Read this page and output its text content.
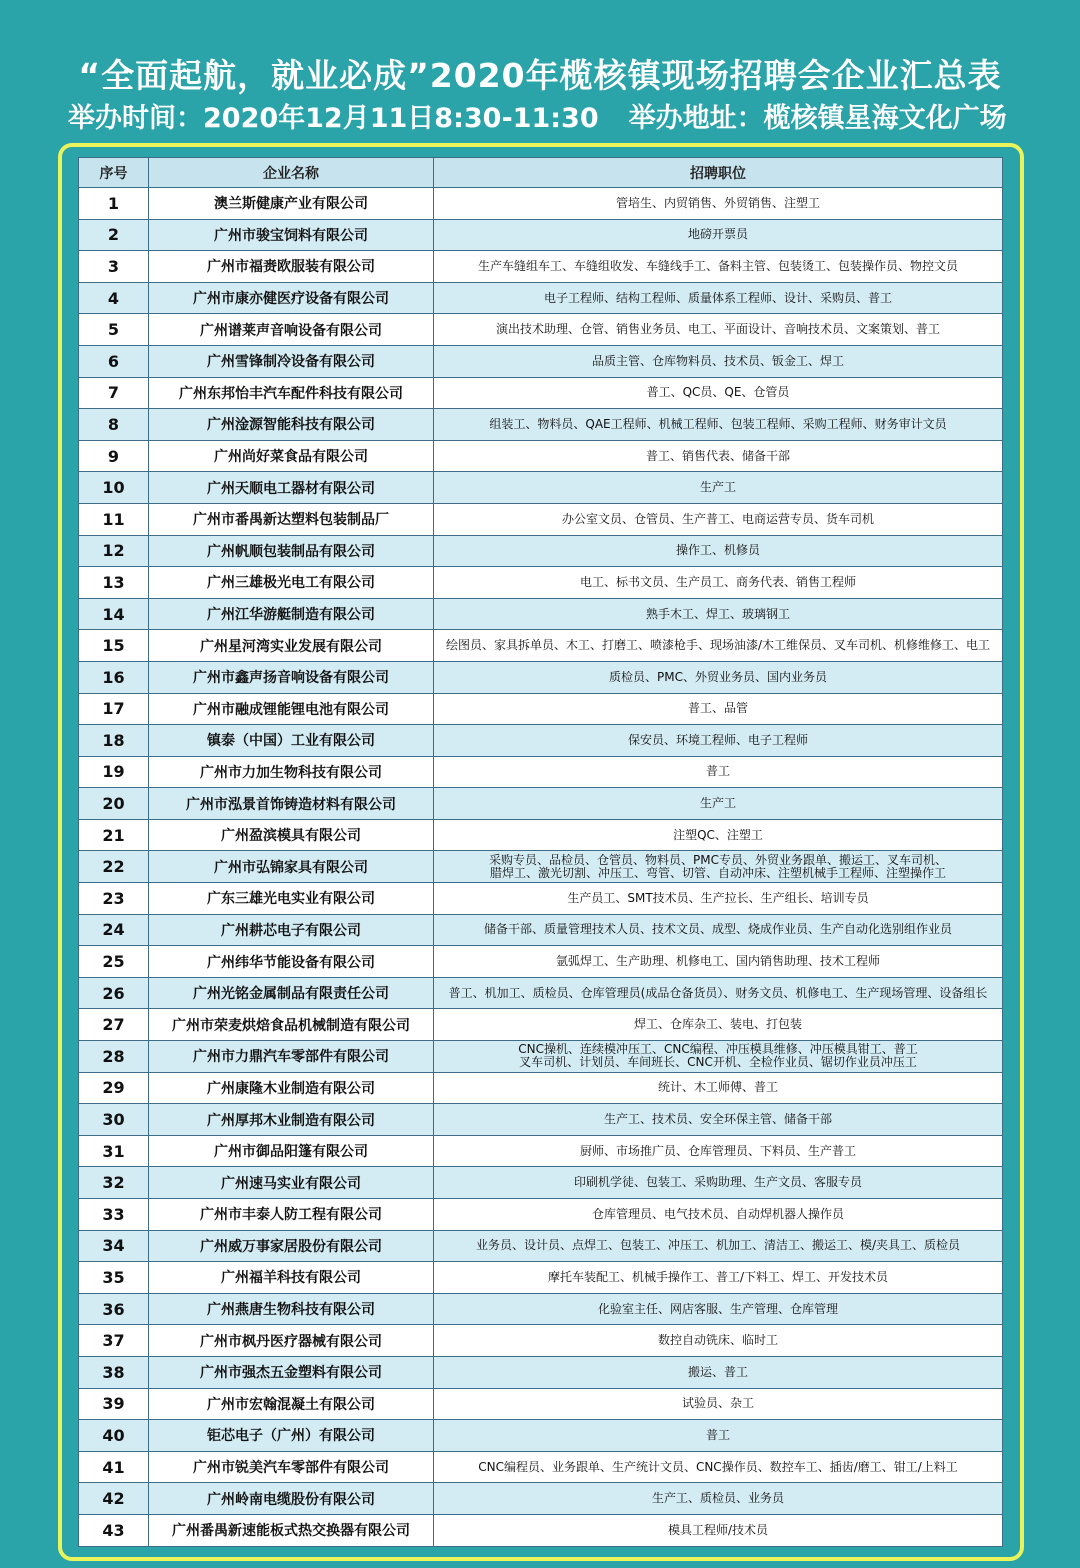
“全面起航，就业必成”2020年榄核镇现场招聘会企业汇总表
举办时间：2020年12月11日8:30-11:30 举办地址：榄核镇星海文化广场
序号	企业名称	招聘职位
1	澳兰斯健康产业有限公司	管培生、内贸销售、外贸销售、注塑工
2	广州市骏宝饲料有限公司	地磅开票员
3	广州市福赉欧服装有限公司	生产车缝组车工、车缝组收发、车缝线手工、备料主管、包装烫工、包装操作员、物控文员
4	广州市康亦健医疗设备有限公司	电子工程师、结构工程师、质量体系工程师、设计、采购员、普工
5	广州谱莱声音响设备有限公司	演出技术助理、仓管、销售业务员、电工、平面设计、音响技术员、文案策划、普工
6	广州雪锋制冷设备有限公司	品质主管、仓库物料员、技术员、钣金工、焊工
7	广州东邦怡丰汽车配件科技有限公司	普工、QC员、QE、仓管员
8	广州淦源智能科技有限公司	组装工、物料员、QAE工程师、机械工程师、包装工程师、采购工程师、财务审计文员
9	广州尚好菜食品有限公司	普工、销售代表、储备干部
10	广州天顺电工器材有限公司	生产工
11	广州市番禺新达塑料包装制品厂	办公室文员、仓管员、生产普工、电商运营专员、货车司机
12	广州帆顺包装制品有限公司	操作工、机修员
13	广州三雄极光电工有限公司	电工、标书文员、生产员工、商务代表、销售工程师
14	广州江华游艇制造有限公司	熟手木工、焊工、玻璃钢工
15	广州星河湾实业发展有限公司	绘图员、家具拆单员、木工、打磨工、喷漆枪手、现场油漆/木工维保员、叉车司机、机修维修工、电工
16	广州市鑫声扬音响设备有限公司	质检员、PMC、外贸业务员、国内业务员
17	广州市融成锂能锂电池有限公司	普工、品管
18	镇泰（中国）工业有限公司	保安员、环境工程师、电子工程师
19	广州市力加生物科技有限公司	普工
20	广州市泓景首饰铸造材料有限公司	生产工
21	广州盈滨模具有限公司	注塑QC、注塑工
22	广州市弘锦家具有限公司	采购专员、品检员、仓管员、物料员、PMC专员、外贸业务跟单、搬运工、叉车司机、
腊焊工、激光切割、冲压工、弯管、切管、自动冲床、注塑机械手工程师、注塑操作工
23	广东三雄光电实业有限公司	生产员工、SMT技术员、生产拉长、生产组长、培训专员
24	广州耕芯电子有限公司	储备干部、质量管理技术人员、技术文员、成型、烧成作业员、生产自动化选别组作业员
25	广州纬华节能设备有限公司	氩弧焊工、生产助理、机修电工、国内销售助理、技术工程师
26	广州光铭金属制品有限责任公司	普工、机加工、质检员、仓库管理员(成品仓备货员）、财务文员、机修电工、生产现场管理、设备组长
27	广州市荣麦烘焙食品机械制造有限公司	焊工、仓库杂工、装电、打包装
28	广州市力鼎汽车零部件有限公司	CNC操机、连续模冲压工、CNC编程、冲压模具维修、冲压模具钳工、普工
叉车司机、计划员、车间班长、CNC开机、全检作业员、锯切作业员冲压工
29	广州康隆木业制造有限公司	统计、木工师傅、普工
30	广州厚邦木业制造有限公司	生产工、技术员、安全环保主管、储备干部
31	广州市御品阳篷有限公司	厨师、市场推广员、仓库管理员、下料员、生产普工
32	广州速马实业有限公司	印刷机学徒、包装工、采购助理、生产文员、客服专员
33	广州市丰泰人防工程有限公司	仓库管理员、电气技术员、自动焊机器人操作员
34	广州威万事家居股份有限公司	业务员、设计员、点焊工、包装工、冲压工、机加工、清洁工、搬运工、模/夹具工、质检员
35	广州福羊科技有限公司	摩托车装配工、机械手操作工、普工/下料工、焊工、开发技术员
36	广州燕唐生物科技有限公司	化验室主任、网店客服、生产管理、仓库管理
37	广州市枫丹医疗器械有限公司	数控自动铣床、临时工
38	广州市强杰五金塑料有限公司	搬运、普工
39	广州市宏翰混凝土有限公司	试验员、杂工
40	钜芯电子（广州）有限公司	普工
41	广州市锐美汽车零部件有限公司	CNC编程员、业务跟单、生产统计文员、CNC操作员、数控车工、插齿/磨工、钳工/上料工
42	广州岭南电缆股份有限公司	生产工、质检员、业务员
43	广州番禺新速能板式热交换器有限公司	模具工程师/技术员
